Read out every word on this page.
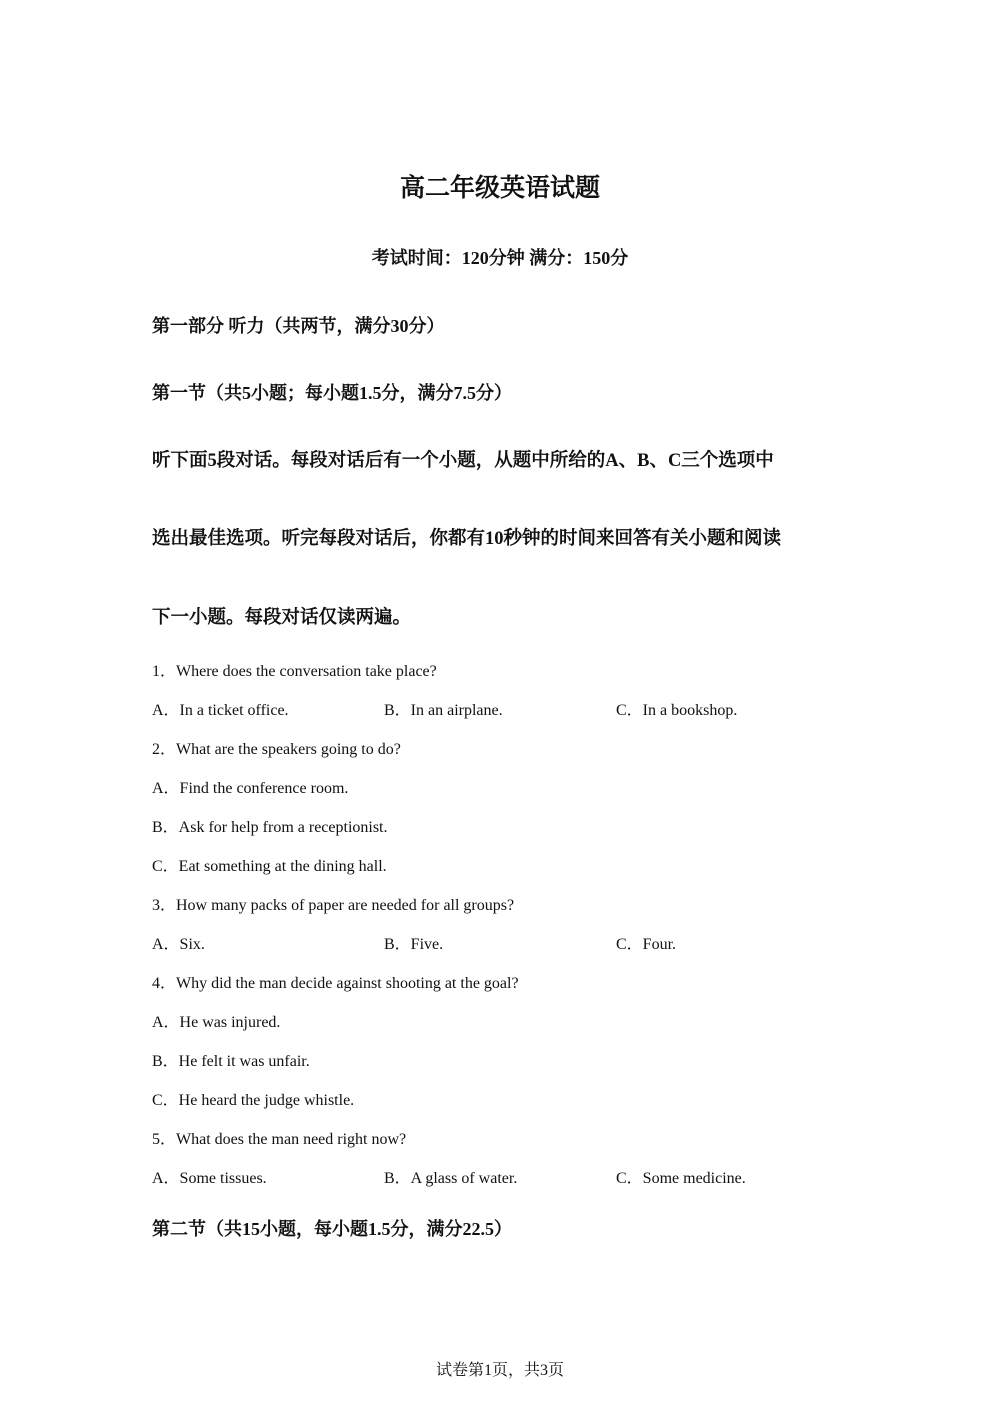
高二年级英语试题
考试时间：120分钟 满分：150分
第一部分 听力（共两节，满分30分）
第一节（共5小题；每小题1.5分，满分7.5分）
听下面5段对话。每段对话后有一个小题，从题中所给的A、B、C三个选项中
选出最佳选项。听完每段对话后，你都有10秒钟的时间来回答有关小题和阅读
下一小题。每段对话仅读两遍。
1．Where does the conversation take place?
A．In a ticket office.	B．In an airplane.	C．In a bookshop.
2．What are the speakers going to do?
A．Find the conference room.
B．Ask for help from a receptionist.
C．Eat something at the dining hall.
3．How many packs of paper are needed for all groups?
A．Six.	B．Five.	C．Four.
4．Why did the man decide against shooting at the goal?
A．He was injured.
B．He felt it was unfair.
C．He heard the judge whistle.
5．What does the man need right now?
A．Some tissues.	B．A glass of water.	C．Some medicine.
第二节（共15小题，每小题1.5分，满分22.5）
试卷第1页，共3页
